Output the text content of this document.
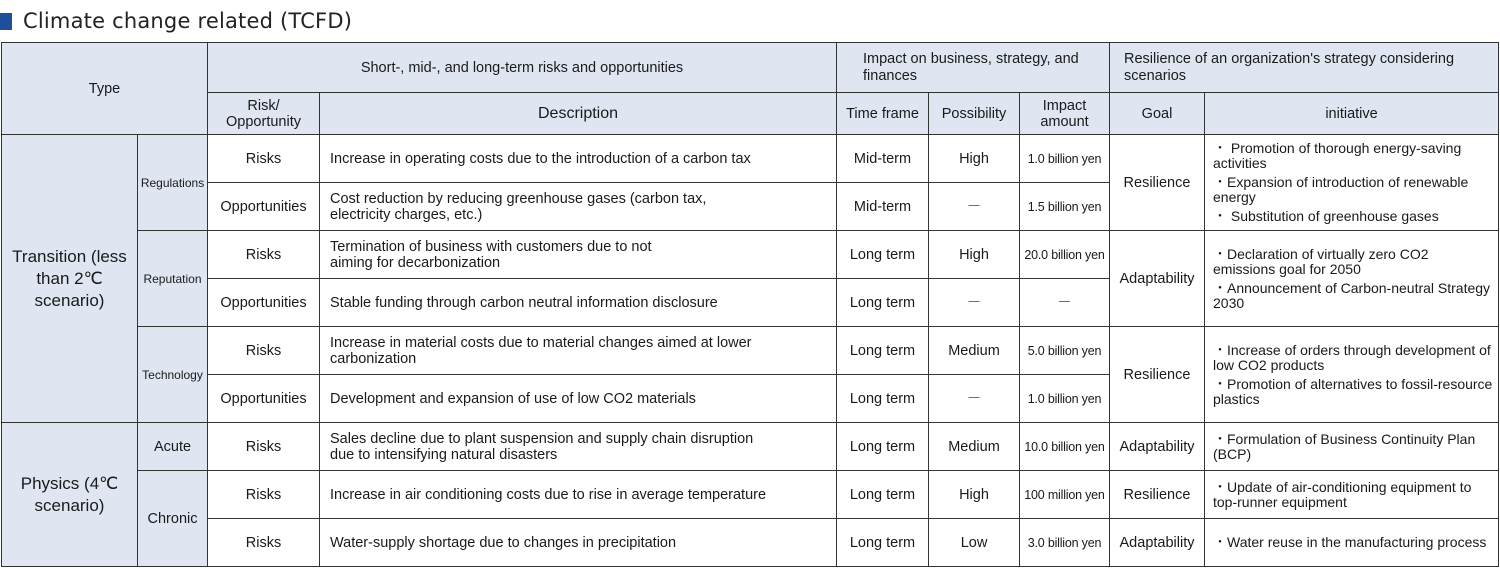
Climate change related (TCFD)
Type		Short-, mid-, and long-term risks and opportunities		Impact on business, strategy, and finances			Resilience of an organization's strategy considering scenarios	
		Risk/ Opportunity	Description	Time frame	Possibility	Impact amount	Goal	initiative
Transition (less than 2℃ scenario)	Regulations	Risks	Increase in operating costs due to the introduction of a carbon tax	Mid-term	High	1.0 billion yen	Resilience	・ Promotion of thorough energy-saving activities
・Expansion of introduction of renewable energy
・ Substitution of greenhouse gases

		Opportunities	Cost reduction by reducing greenhouse gases (carbon tax, electricity charges, etc.)	Mid-term	－	1.5 billion yen		
	Reputation	Risks	Termination of business with customers due to not aiming for decarbonization	Long term	High	20.0 billion yen	Adaptability	・Declaration of virtually zero CO2 emissions goal for 2050
・Announcement of Carbon-neutral Strategy 2030

		Opportunities	Stable funding through carbon neutral information disclosure	Long term	－	－		
	Technology	Risks	Increase in material costs due to material changes aimed at lower carbonization	Long term	Medium	5.0 billion yen	Resilience	・Increase of orders through development of low CO2 products
・Promotion of alternatives to fossil-resource plastics

		Opportunities	Development and expansion of use of low CO2 materials	Long term	－	1.0 billion yen		
Physics (4℃ scenario)	Acute	Risks	Sales decline due to plant suspension and supply chain disruption due to intensifying natural disasters	Long term	Medium	10.0 billion yen	Adaptability	・Formulation of Business Continuity Plan (BCP)

	Chronic	Risks	Increase in air conditioning costs due to rise in average temperature	Long term	High	100 million yen	Resilience	・Update of air-conditioning equipment to top-runner equipment

		Risks	Water-supply shortage due to changes in precipitation	Long term	Low	3.0 billion yen	Adaptability	・Water reuse in the manufacturing process
